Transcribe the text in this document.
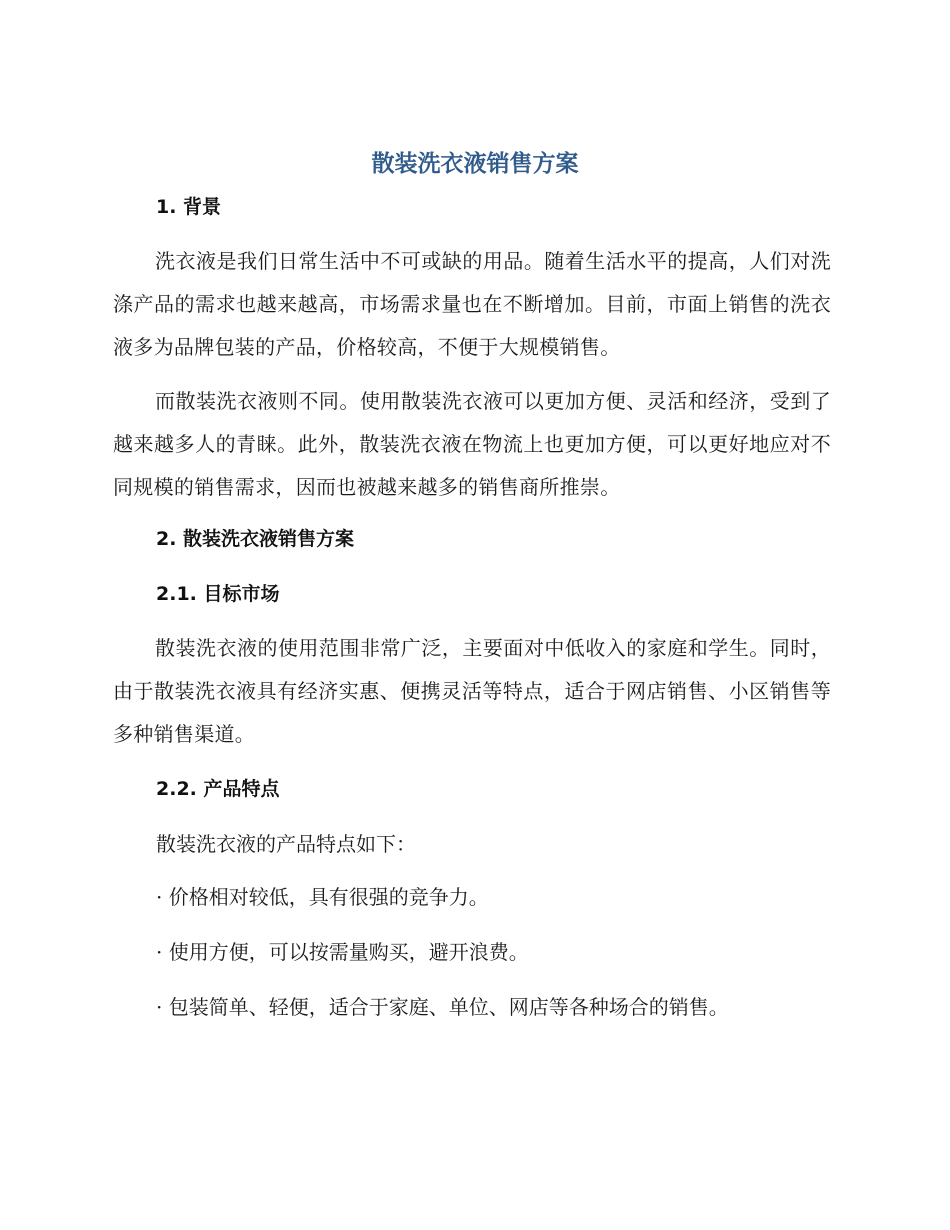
散装洗衣液销售方案
1. 背景

洗衣液是我们日常生活中不可或缺的用品。随着生活水平的提高，人们对洗涤产品的需求也越来越高，市场需求量也在不断增加。目前，市面上销售的洗衣液多为品牌包装的产品，价格较高，不便于大规模销售。

而散装洗衣液则不同。使用散装洗衣液可以更加方便、灵活和经济，受到了越来越多人的青睐。此外，散装洗衣液在物流上也更加方便，可以更好地应对不同规模的销售需求，因而也被越来越多的销售商所推崇。

2. 散装洗衣液销售方案
2.1. 目标市场

散装洗衣液的使用范围非常广泛，主要面对中低收入的家庭和学生。同时，由于散装洗衣液具有经济实惠、便携灵活等特点，适合于网店销售、小区销售等多种销售渠道。

2.2. 产品特点

散装洗衣液的产品特点如下：

· 价格相对较低，具有很强的竞争力。

· 使用方便，可以按需量购买，避开浪费。

· 包装简单、轻便，适合于家庭、单位、网店等各种场合的销售。
